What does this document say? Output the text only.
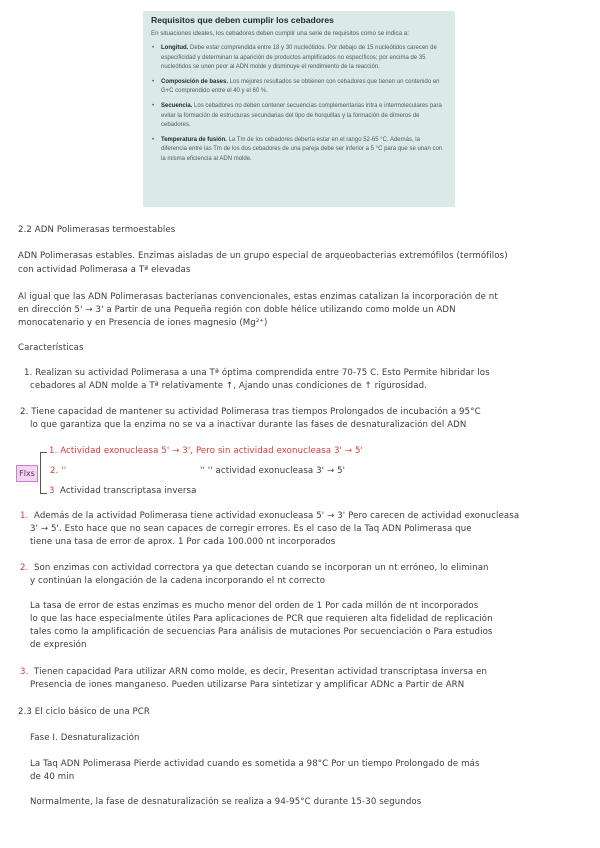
Requisitos que deben cumplir los cebadores
En situaciones ideales, los cebadores deben cumplir una serie de requisitos como se indica a:
• Longitud. Debe estar comprendida entre 18 y 30 nucleótidos. Por debajo de 15 nucleótidos carecen de especificidad y determinan la aparición de productos amplificados no específicos; por encima de 35 nucleótidos se unen peor al ADN molde y disminuye el rendimiento de la reacción.
• Composición de bases. Los mejores resultados se obtienen con cebadores que tienen un contenido en G+C comprendido entre el 40 y el 60 %.
• Secuencia. Los cebadores no deben contener secuencias complementarias intra e intermoleculares para evitar la formación de estructuras secundarias del tipo de horquillas y la formación de dímeros de cebadores.
• Temperatura de fusión. La Tm de los cebadores debería estar en el rango 52-65 °C. Además, la diferencia entre las Tm de los dos cebadores de una pareja debe ser inferior a 5 °C para que se unan con la misma eficiencia al ADN molde.
2.2 ADN Polimerasas termoestables
ADN Polimerasas estables. Enzimas aisladas de un grupo especial de arqueobacterias extremófilos (termófilos)
con actividad Polimerasa a Tª elevadas
Al igual que las ADN Polimerasas bacterianas convencionales, estas enzimas catalizan la incorporación de nt
en dirección 5' → 3' a Partir de una Pequeña región con doble hélice utilizando como molde un ADN
monocatenario y en Presencia de iones magnesio (Mg²⁺)
Características
1. Realizan su actividad Polimerasa a una Tª óptima comprendida entre 70-75 C. Esto Permite hibridar los
cebadores al ADN molde a Tª relativamente ↑, Ajando unas condiciones de ↑ rigurosidad.
2. Tiene capacidad de mantener su actividad Polimerasa tras tiempos Prolongados de incubación a 95°C
lo que garantiza que la enzima no se va a inactivar durante las fases de desnaturalización del ADN
Flxs
1. Actividad exonucleasa 5' → 3', Pero sin actividad exonucleasa 3' → 5'
2. ''	'' '' actividad exonucleasa 3' → 5'
3 Actividad transcriptasa inversa
1. Además de la actividad Polimerasa tiene actividad exonucleasa 5' → 3' Pero carecen de actividad exonucleasa
3' → 5'. Esto hace que no sean capaces de corregir errores. Es el caso de la Taq ADN Polimerasa que
tiene una tasa de error de aprox. 1 Por cada 100.000 nt incorporados
2. Son enzimas con actividad correctora ya que detectan cuando se incorporan un nt erróneo, lo eliminan
y continúan la elongación de la cadena incorporando el nt correcto
La tasa de error de estas enzimas es mucho menor del orden de 1 Por cada millón de nt incorporados
lo que las hace especialmente útiles Para aplicaciones de PCR que requieren alta fidelidad de replicación
tales como la amplificación de secuencias Para análisis de mutaciones Por secuenciación o Para estudios
de expresión
3. Tienen capacidad Para utilizar ARN como molde, es decir, Presentan actividad transcriptasa inversa en
Presencia de iones manganeso. Pueden utilizarse Para sintetizar y amplificar ADNc a Partir de ARN
2.3 El ciclo básico de una PCR
Fase I. Desnaturalización
La Taq ADN Polimerasa Pierde actividad cuando es sometida a 98°C Por un tiempo Prolongado de más
de 40 min
Normalmente, la fase de desnaturalización se realiza a 94-95°C durante 15-30 segundos
